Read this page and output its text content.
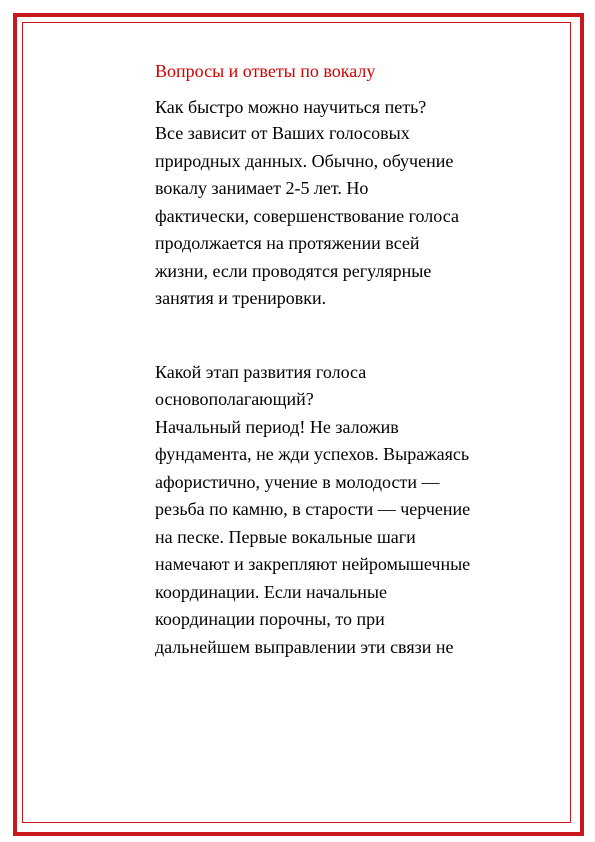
Вопросы и ответы по вокалу

Как быстро можно научиться петь?

Все зависит от Ваших голосовых
природных данных. Обычно, обучение
вокалу занимает 2-5 лет. Но
фактически, совершенствование голоса
продолжается на протяжении всей
жизни, если проводятся регулярные
занятия и тренировки.
Какой этап развития голоса
основополагающий?
Начальный период! Не заложив
фундамента, не жди успехов. Выражаясь
афористично, учение в молодости —
резьба по камню, в старости — черчение
на песке. Первые вокальные шаги
намечают и закрепляют нейромышечные
координации. Если начальные
координации порочны, то при
дальнейшем выправлении эти связи не
